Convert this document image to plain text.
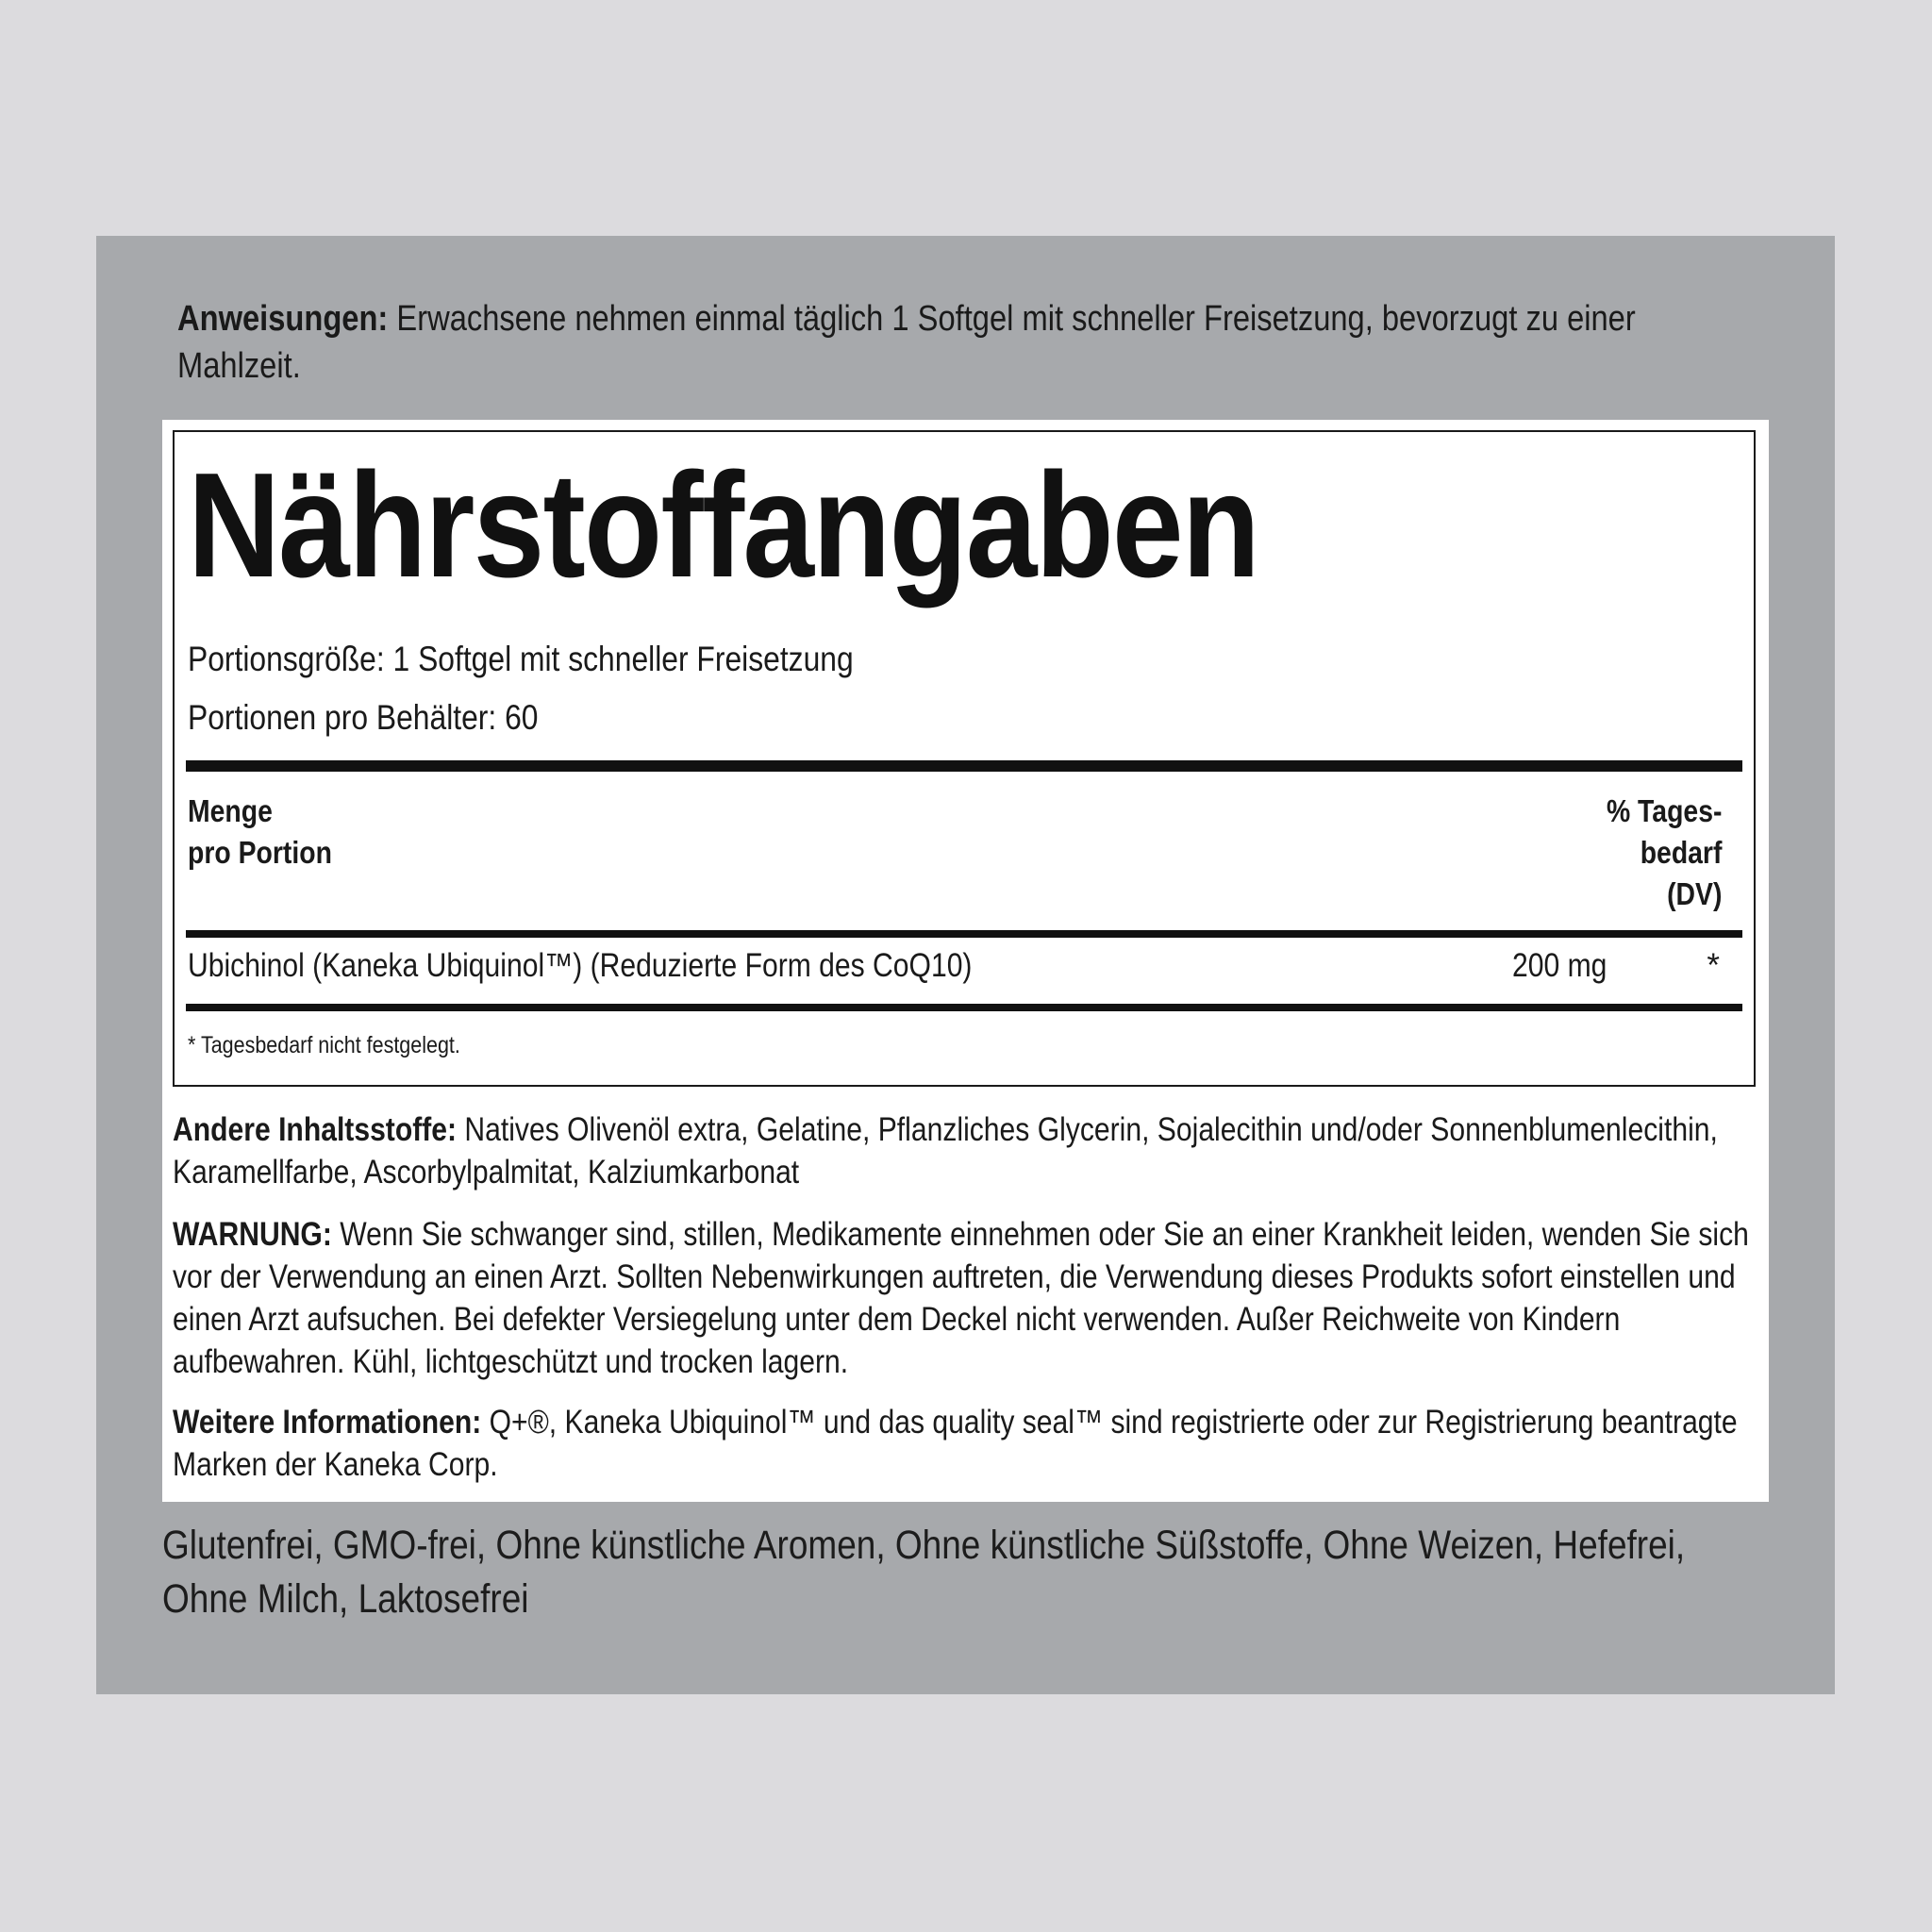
Anweisungen: Erwachsene nehmen einmal täglich 1 Softgel mit schneller Freisetzung, bevorzugt zu einer Mahlzeit.
Nährstoffangaben
Portionsgröße: 1 Softgel mit schneller Freisetzung
Portionen pro Behälter: 60
Menge
pro Portion
% Tages-
bedarf
(DV)
Ubichinol (Kaneka Ubiquinol™) (Reduzierte Form des CoQ10)	200 mg	*
* Tagesbedarf nicht festgelegt.
Andere Inhaltsstoffe: Natives Olivenöl extra, Gelatine, Pflanzliches Glycerin, Sojalecithin und/oder Sonnenblumenlecithin, Karamellfarbe, Ascorbylpalmitat, Kalziumkarbonat
WARNUNG: Wenn Sie schwanger sind, stillen, Medikamente einnehmen oder Sie an einer Krankheit leiden, wenden Sie sich vor der Verwendung an einen Arzt. Sollten Nebenwirkungen auftreten, die Verwendung dieses Produkts sofort einstellen und einen Arzt aufsuchen. Bei defekter Versiegelung unter dem Deckel nicht verwenden. Außer Reichweite von Kindern aufbewahren. Kühl, lichtgeschützt und trocken lagern.
Weitere Informationen: Q+®, Kaneka Ubiquinol™ und das quality seal™ sind registrierte oder zur Registrierung beantragte Marken der Kaneka Corp.
Glutenfrei, GMO-frei, Ohne künstliche Aromen, Ohne künstliche Süßstoffe, Ohne Weizen, Hefefrei, Ohne Milch, Laktosefrei
